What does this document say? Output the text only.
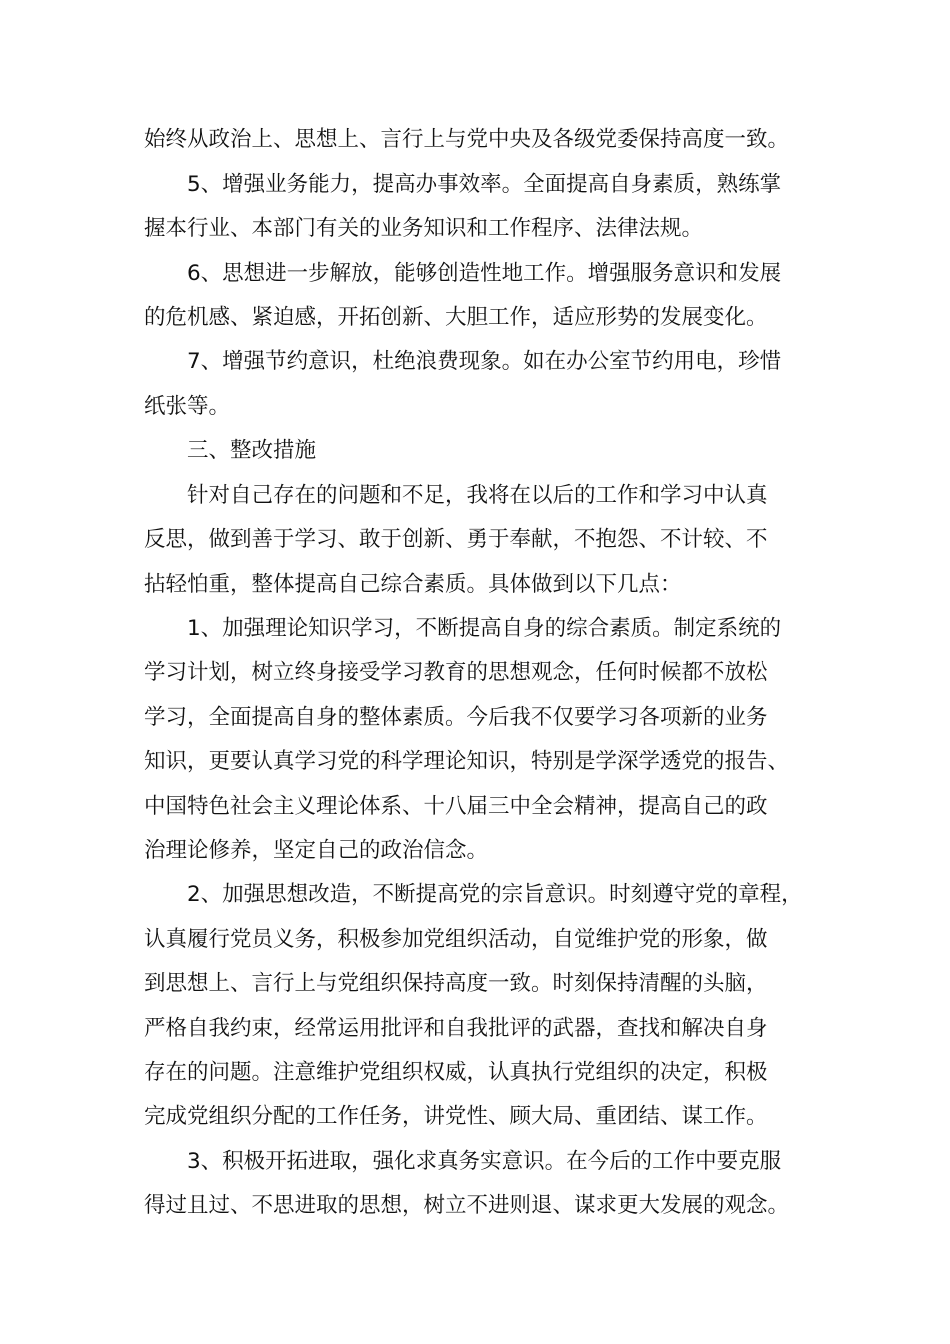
始终从政治上、思想上、言行上与党中央及各级党委保持高度一致。
5、增强业务能力，提高办事效率。全面提高自身素质，熟练掌
握本行业、本部门有关的业务知识和工作程序、法律法规。
6、思想进一步解放，能够创造性地工作。增强服务意识和发展
的危机感、紧迫感，开拓创新、大胆工作，适应形势的发展变化。
7、增强节约意识，杜绝浪费现象。如在办公室节约用电，珍惜
纸张等。
三、整改措施
针对自己存在的问题和不足，我将在以后的工作和学习中认真
反思，做到善于学习、敢于创新、勇于奉献，不抱怨、不计较、不
拈轻怕重，整体提高自己综合素质。具体做到以下几点：
1、加强理论知识学习，不断提高自身的综合素质。制定系统的
学习计划，树立终身接受学习教育的思想观念，任何时候都不放松
学习，全面提高自身的整体素质。今后我不仅要学习各项新的业务
知识，更要认真学习党的科学理论知识，特别是学深学透党的报告、
中国特色社会主义理论体系、十八届三中全会精神，提高自己的政
治理论修养，坚定自己的政治信念。
2、加强思想改造，不断提高党的宗旨意识。时刻遵守党的章程，
认真履行党员义务，积极参加党组织活动，自觉维护党的形象，做
到思想上、言行上与党组织保持高度一致。时刻保持清醒的头脑，
严格自我约束，经常运用批评和自我批评的武器，查找和解决自身
存在的问题。注意维护党组织权威，认真执行党组织的决定，积极
完成党组织分配的工作任务，讲党性、顾大局、重团结、谋工作。
3、积极开拓进取，强化求真务实意识。在今后的工作中要克服
得过且过、不思进取的思想，树立不进则退、谋求更大发展的观念。
